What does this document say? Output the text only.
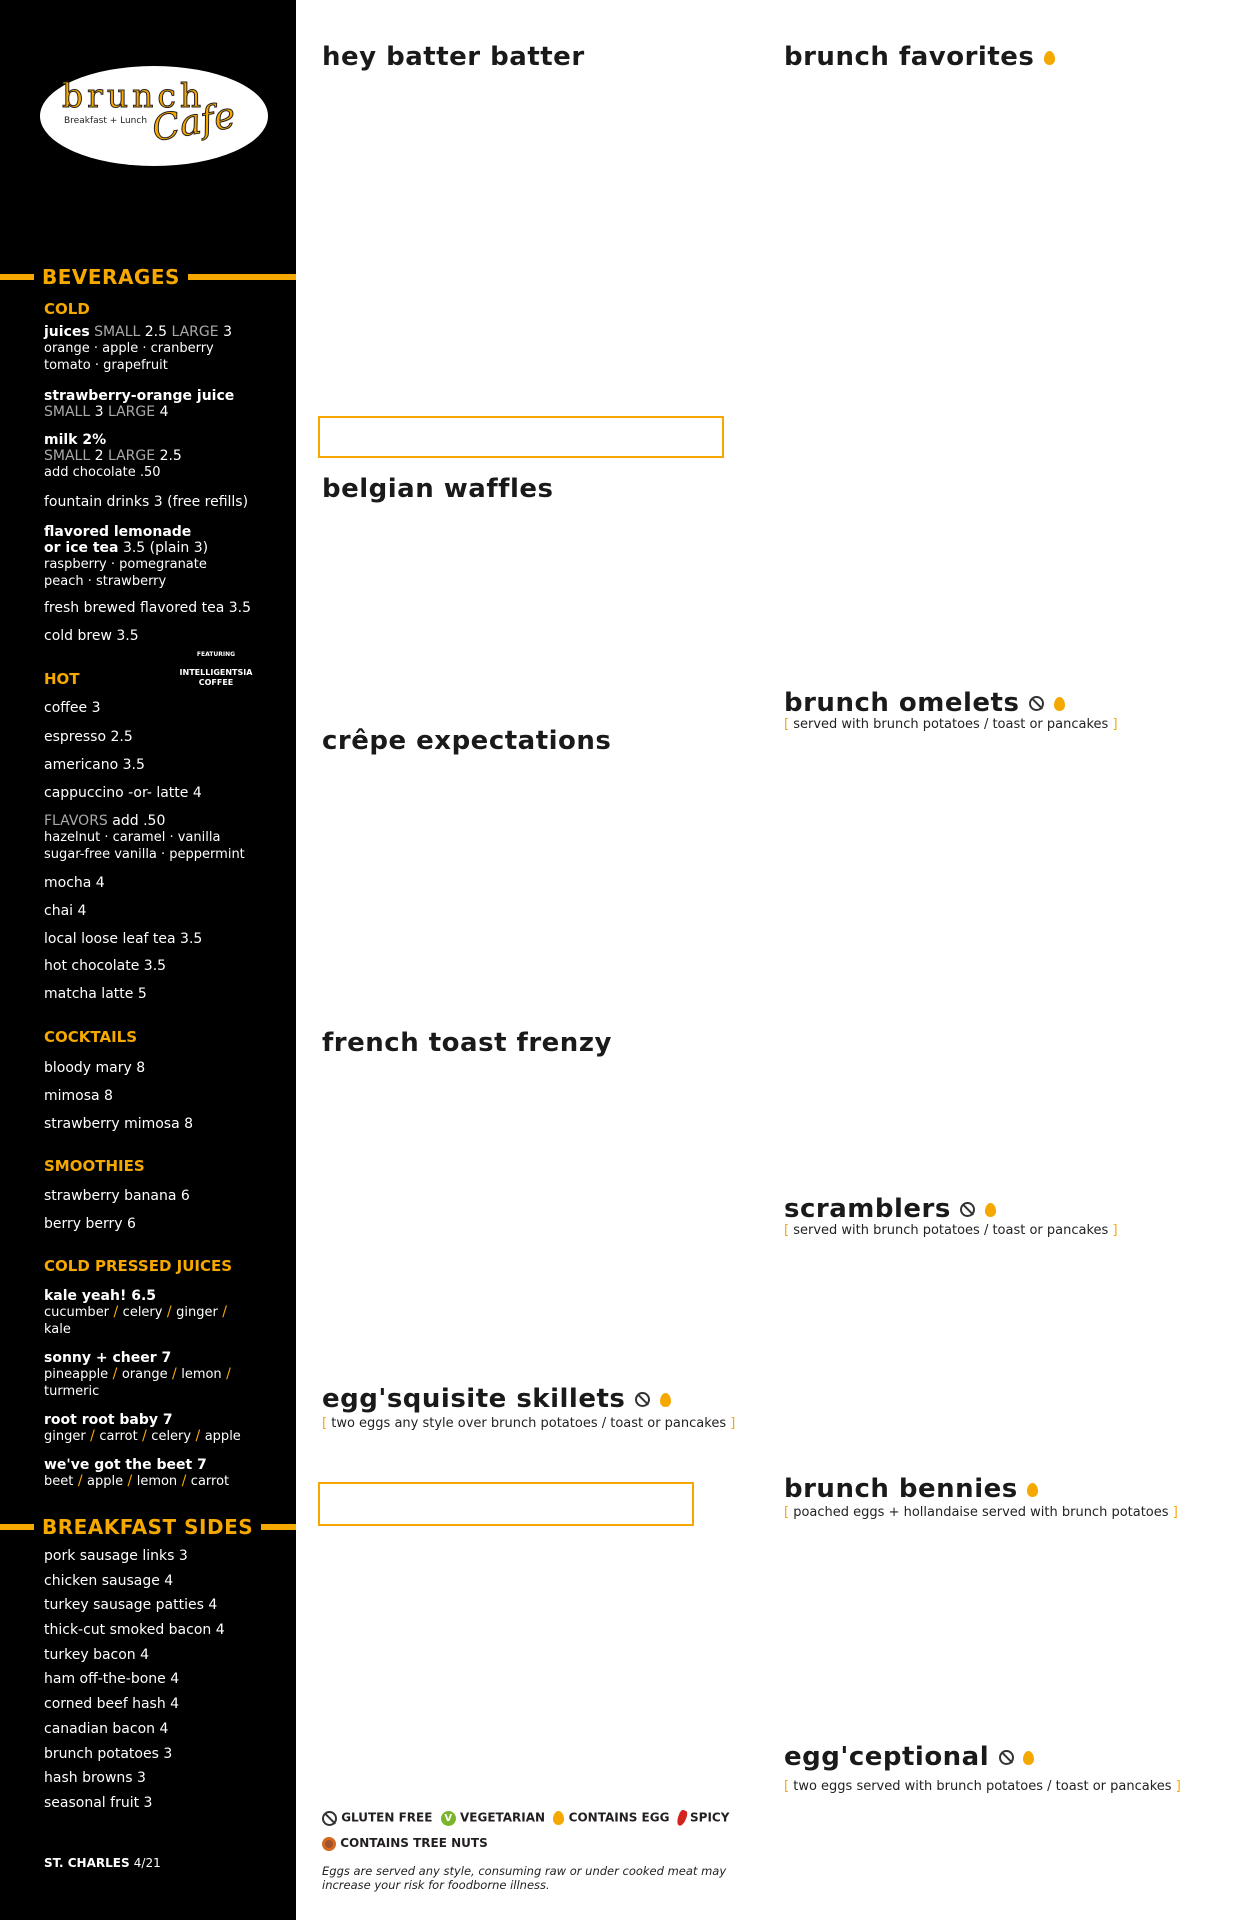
brunch
Breakfast + Lunch Cafe
BEVERAGES
COLD
juices SMALL 2.5 LARGE 3
orange · apple · cranberry
tomato · grapefruit
strawberry-orange juice
SMALL 3 LARGE 4
milk 2%
SMALL 2 LARGE 2.5
add chocolate .50
fountain drinks 3 (free refills)
flavored lemonade
or ice tea 3.5 (plain 3)
raspberry · pomegranate
peach · strawberry
fresh brewed flavored tea 3.5
cold brew 3.5
FEATURING
INTELLIGENTSIA
COFFEE
HOT
coffee 3
espresso 2.5
americano 3.5
cappuccino -or- latte 4
FLAVORS add .50
hazelnut · caramel · vanilla
sugar-free vanilla · peppermint
mocha 4
chai 4
local loose leaf tea 3.5
hot chocolate 3.5
matcha latte 5
COCKTAILS
bloody mary 8
mimosa 8
strawberry mimosa 8
SMOOTHIES
strawberry banana 6
berry berry 6
COLD PRESSED JUICES
kale yeah! 6.5
cucumber / celery / ginger /
kale
sonny + cheer 7
pineapple / orange / lemon /
turmeric
root root baby 7
ginger / carrot / celery / apple
we've got the beet 7
beet / apple / lemon / carrot
BREAKFAST SIDES
pork sausage links 3
chicken sausage 4
turkey sausage patties 4
thick-cut smoked bacon 4
turkey bacon 4
ham off-the-bone 4
corned beef hash 4
canadian bacon 4
brunch potatoes 3
hash browns 3
seasonal fruit 3
ST. CHARLES 4/21
hey batter batter
belgian waffles
crêpe expectations
french toast frenzy
egg'squisite skillets
[ two eggs any style over brunch potatoes / toast or pancakes ]
GLUTEN FREE V VEGETARIAN CONTAINS EGG SPICY
CONTAINS TREE NUTS
Eggs are served any style, consuming raw or under cooked meat may
increase your risk for foodborne illness.
brunch favorites
brunch omelets
[ served with brunch potatoes / toast or pancakes ]
scramblers
[ served with brunch potatoes / toast or pancakes ]
brunch bennies
[ poached eggs + hollandaise served with brunch potatoes ]
egg'ceptional
[ two eggs served with brunch potatoes / toast or pancakes ]
